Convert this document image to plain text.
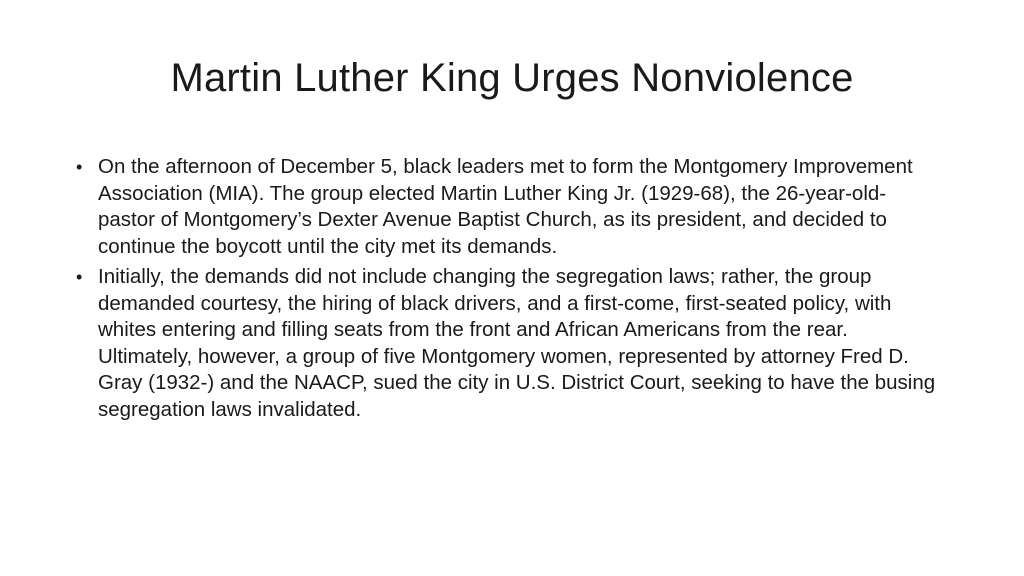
Martin Luther King Urges Nonviolence
• On the afternoon of December 5, black leaders met to form the Montgomery Improvement Association (MIA). The group elected Martin Luther King Jr. (1929-68), the 26-year-old-pastor of Montgomery’s Dexter Avenue Baptist Church, as its president, and decided to continue the boycott until the city met its demands.
• Initially, the demands did not include changing the segregation laws; rather, the group demanded courtesy, the hiring of black drivers, and a first-come, first-seated policy, with whites entering and filling seats from the front and African Americans from the rear. Ultimately, however, a group of five Montgomery women, represented by attorney Fred D. Gray (1932-) and the NAACP, sued the city in U.S. District Court, seeking to have the busing segregation laws invalidated.
